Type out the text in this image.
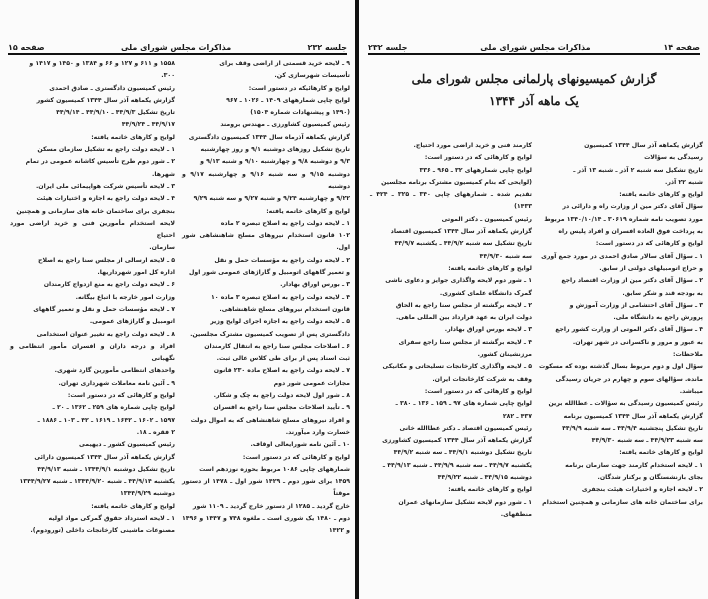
جلسه ۲۳۲
مذاکرات مجلس شورای ملی
صفحه ۱۵

۹ ـ لایحه خرید قسمتی از اراضی وقف برای

تأسیسات شهرسازی کن.

لوایح و کارهائیکه در دستور است:

لوایح چاپی شمارههای ۱۴۰۹ ـ ۱۰۲۶ ـ ۹۶۷

(۱۴۹۰ و پیشنهادات شماره ۱۵۰۴)

رئیس کمیسیون کشاورزی ـ مهندس برومند

گزارش یکماهه آذرماه سال ۱۳۴۴ کمیسیون دادگستری

تاریخ تشکیل روزهای دوشنبه ۹/۱ و روز چهارشنبه

۹/۳ و دوشنبه ۹/۸ و چهارشنبه ۹/۱۰ و شنبه ۹/۱۳ و

دوشنبه ۹/۱۵ و سه شنبه ۹/۱۶ و چهارشنبه ۹/۱۷ و دوشنبه

۹/۲۲ و چهارشنبه ۹/۲۴ و شنبه ۹/۲۷ و سه شنبه ۹/۲۹

لوایح و کارهای خاتمه یافته:

۱ ـ لایحه دولت راجع به اصلاح تبصره ۲ ماده

۱۰۲ قانون استخدام نیروهای مسلح شاهنشاهی شور اول.

۲ ـ لایحه دولت راجع به مؤسسات حمل و نقل

و تعمیر گاههای اتومبیل و گاراژهای عمومی شور اول

۳ ـ بورس اوراق بهادار.

۴ ـ لایحه دولت راجع به اصلاح تبصره ۳ ماده ۱۰

قانون استخدام نیروهای مسلح شاهنشاهی.

۵ ـ لایحه دولت راجع به اجازه اجرای لوایح وزیر

دادگستری پس از تصویب کمیسیون مشترک مجلسین.

۶ ـ اصلاحات مجلس سنا راجع به انتقال کارمندان

ثبت اسناد پس از برای طی کلاس عالی ثبت.

۷ ـ لایحه دولت راجع به اصلاح ماده ۲۳۰ قانون

مجازات عمومی شور دوم

۸ ـ شور اول لایحه دولت راجع به چک و شکار.

۹ ـ تأیید اصلاحات مجلس سنا راجع به افسران

و افراد نیروهای مسلح شاهنشاهی که به اموال دولت

خسارت وارد میآورند.

۱۰ ـ آئین نامه شورایعالی اوقاف.

لوایح و کارهائی که در دستور است:

شمارههای چاپی ۱۰۸۶ مربوط بحوزه نوزدهم است

۱۴۵۹ برای شور دوم ـ ۱۴۲۹ شور اول ـ ۱۴۷۸ از دستور موقتاً

خارج گردید ـ ۱۲۸۵ از دستور خارج گردید ـ ۱۱۰۹ شور

دوم ـ ۱۴۸۰ یک شوری است ـ ملغوه ۷۴۸ و ۱۴۴۷ و ۱۴۹۶ و ۱۴۲۲

۱۵۵۸ و ۶۱۱ و ۱۲۷ و ۶۶ و ۱۳۸۴ و ۱۴۵۰ و ۱۴۱۷ و

۳۰۰.

رئیس کمیسیون دادگستری ـ صادق احمدی

گزارش یکماهه آذر سال ۱۳۴۴ کمیسیون کشور

تاریخ تشکیل ۴۴/۹/۳ ـ ۴۴/۹/۱۰ ـ ۴۴/۹/۱۴

۴۴/۹/۱۷ ـ ۴۴/۹/۲۴

لوایح و کارهای خاتمه یافته:

۱ ـ لایحه دولت راجع به تشکیل سازمان مسکن

۲ ـ شور دوم طرح تأسیس کاشانه عمومی در تمام

شهرها.

۳ ـ لایحه تأسیس شرکت هواپیمائی ملی ایران.

۴ ـ لایحه دولت راجع به اجازه و اختیارات هیئت

بنجفری برای ساختمان خانه های سازمانی و همچنین

لایحه استخدام مأمورین فنی و خرید اراضی مورد احتیاج

سازمان.

۵ ـ لایحه ارسالی از مجلس سنا راجع به اصلاح

اداره کل امور شهرداریها.

۶ ـ لایحه دولت راجع به منع ازدواج کارمندان

وزارت امور خارجه با اتباع بیگانه.

۷ ـ لایحه مؤسسات حمل و نقل و تعمیر گاههای

اتومبیل و گاراژهای عمومی.

۸ ـ لایحه دولت راجع به تغییر عنوان استخدامی

افراد و درجه داران و افسران مأمور انتظامی و نگهبانی

واحدهای انتظامی مأمورین گارد شهری.

۹ ـ آئین نامه معاملات شهرداری تهران.

لوایح و کارهائی که در دستور است:

لوایح چاپی شماره های ۲۵۹ ـ ۱۳۶۲ ـ ۲۰ ـ

۱۵۹۷ ـ ۱۶۰۲ ـ ۱۶۴۲ ـ ۱۶۱۹ ـ ۴۲ ـ ۱۰۳ ـ ۱۸۸۶ ـ

۲ فقره ـ ۱۸.

رئیس کمیسیون کشور ـ دیهیمی

گزارش یکماهه آذر سال ۱۳۴۴ کمیسیون دارائی

تاریخ تشکیل دوشنبه ۱۳۴۴/۹/۱ ـ شنبه ۴۴/۹/۱۳

یکشنبه ۴۴/۹/۱۴ ـ شنبه ۱۳۴۴/۹/۲۰ ـ شنبه ۱۳۴۴/۹/۲۷

دوشنبه ۱۳۴۴/۹/۲۹

لوایح و کارهای خاتمه یافته:

۱ ـ لایحه استرداد حقوق گمرکی مواد اولیه

مصنوعات ماشینی کارخانجات داخلی (تورودوم).

صفحه ۱۴
مذاکرات مجلس شورای ملی
جلسه ۲۳۲
گزارش کمیسیونهای پارلمانی مجلس شورای ملی
یک ماهه آذر ۱۳۴۴

گزارش یکماهه آذر سال ۱۳۴۴ کمیسیون

رسیدگی به سؤالات

تاریخ تشکیل سه شنبه ۲ آذر ـ شنبه ۱۳ آذر ـ

شنبه ۲۲ آذر.

لوایح و کارهای خاتمه یافته:

سؤال آقای دکتر مین از وزارت راه و دارائی در

مورد تصویب نامه شماره ۳۰۶۱۹ ـ ۱۳۴۰/۱۰/۱۴ مربوط

به پرداخت فوق العاده افسران و افراد پلیس راه

لوایح و کارهائی که در دستور است:

۱ ـ سؤال آقای سالار صادق احمدی در مورد جمع آوری

و حراج اتومبیلهای دولتی از سابق.

۲ ـ سؤال آقای دکتر مین از وزارت اقتصاد راجع

به بودجه قند و شکر سابق.

۳ ـ سؤال آقای احتشامی از وزارت آموزش و

پرورش راجع به دانشگاه ملی.

۴ ـ سؤال آقای دکتر الموتی از وزارت کشور راجع

به عبور و مرور و ناکسرانی در شهر تهران.

ملاحظات:

سؤال اول و دوم مربوط بسال گذشته بوده که مسکوت

مانده. سؤالهای سوم و چهارم در جریان رسیدگی

میباشد.

رئیس کمیسیون رسیدگی به سؤالات ـ عطاالله برین

گزارش یکماهه آذر سال ۱۳۴۴ کمیسیون برنامه

تاریخ تشکیل پنجشنبه ۴۴/۹/۴ ـ سه شنبه ۴۴/۹/۹

سه شنبه ۴۴/۹/۲۳ ـ سه شنبه ۴۴/۹/۳۰

لوایح و کارهای خاتمه یافته:

۱ ـ لایحه استخدام کارمند جهت سازمان برنامه

بجای بازنشستگان و برکنار شدگان.

۲ ـ لایحه اجازه و اختیارات هیئت بنجفری

برای ساختمان خانه های سازمانی و همچنین استخدام

کارمند فنی و خرید اراضی مورد احتیاج.

لوایح و کارهائی که در دستور است:

لوایح چاپی شمارههای ۳۲ ـ ۹۶۵ ـ ۳۳۶

(لوایحی که بنام کمیسیون مشترک برنامه مجلسین

تقدیم شده ـ شمارههای چاپی ۳۴۰ ـ ۳۲۵ ـ ۴۲۴ ـ ۱۴۳۳)

رئیس کمیسیون ـ دکتر الموتی

گزارش یکماهه آذر سال ۱۳۴۴ کمیسیون اقتصاد

تاریخ تشکیل سه شنبه ۴۴/۹/۲ ـ یکشنبه ۴۴/۹/۷

سه شنبه ۴۴/۹/۳۰

لوایح و کارهای خاتمه یافته:

۱ ـ شور دوم لایحه واگذاری جوایز و دعاوی ناشی

گمرک دانشگاه علمای کشوری.

۲ ـ لایحه برگشته از مجلس سنا راجع به الحاق

دولت ایران به عهد قرارداد بین المللی ماهی.

۳ ـ لایحه بورس اوراق بهادار.

۴ ـ لایحه برگشته از مجلس سنا راجع سفرای

مرزنشینان کشور.

۵ ـ لایحه واگذاری کارخانجات تسلیحاتی و مکانیکی

وقف به شرکت کارخانجات ایران.

لوایح و کارهائی که در دستور است:

لوایح چاپی شماره های ۹۷ ـ ۱۵۹ ـ ۱۳۶ ـ ۳۸۰ ـ

۴۳۷ ـ ۲۸۲

رئیس کمیسیون اقتصاد ـ دکتر عطاالله خانی

گزارش یکماهه آذر سال ۱۳۴۴ کمیسیون کشاورزی

تاریخ تشکیل دوشنبه ۴۴/۹/۱ ـ سه شنبه ۴۴/۹/۲

یکشنبه ۴۴/۹/۷ ـ سه شنبه ۴۴/۹/۹ ـ شنبه ۴۴/۹/۱۳ ـ

دوشنبه ۴۴/۹/۱۵ ـ شنبه ۴۴/۹/۲۲

لوایح و کارهای خاتمه یافته:

۱ ـ شور دوم لایحه تشکیل سازمانهای عمران

منطقهای.
